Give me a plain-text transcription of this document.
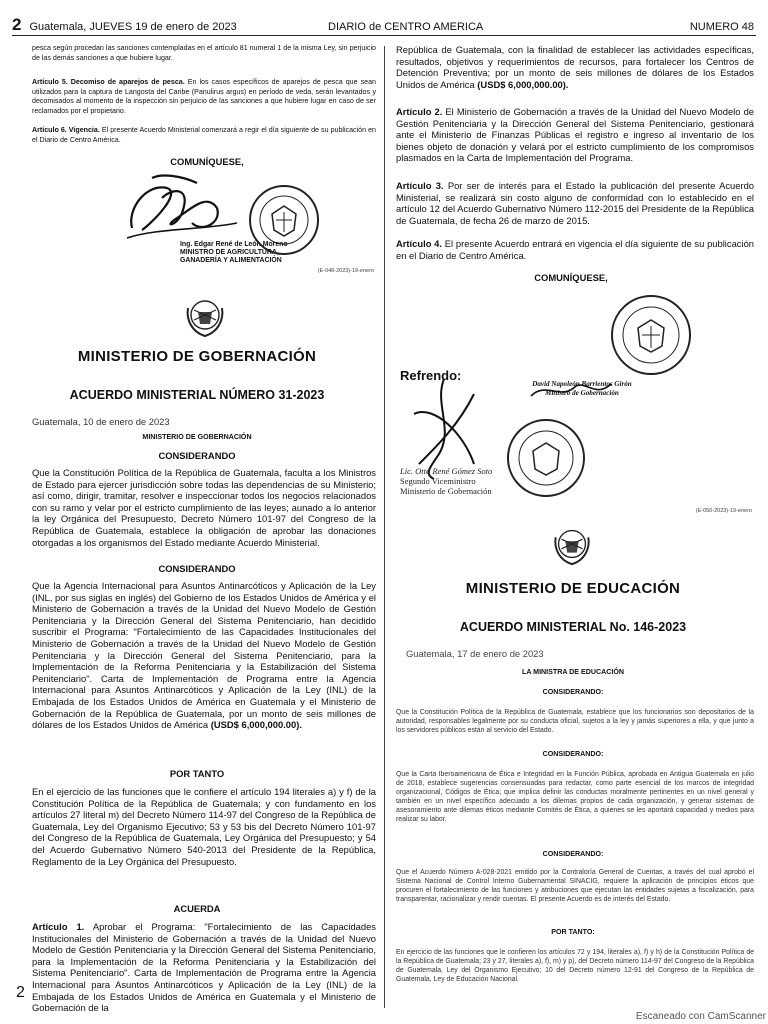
2 Guatemala, JUEVES 19 de enero de 2023	DIARIO de CENTRO AMERICA	NUMERO 48
pesca según procedan las sanciones contempladas en el artículo 81 numeral 1 de la misma Ley, sin perjuicio de las demás sanciones a que hubiere lugar.
Artículo 5. Decomiso de aparejos de pesca. En los casos específicos de aparejos de pesca que sean utilizados para la captura de Langosta del Caribe (Panulirus argus) en período de veda, serán levantados y decomisados al momento de la inspección sin perjuicio de las sanciones a que hubiere lugar en caso de ser reclamados por el propietario.
Artículo 6. Vigencia. El presente Acuerdo Ministerial comenzará a regir el día siguiente de su publicación en el Diario de Centro América.
COMUNÍQUESE,
Ing. Edgar René de León Moreno
MINISTRO DE AGRICULTURA,
GANADERÍA Y ALIMENTACIÓN
(E-048-2023)-19-enero
MINISTERIO DE GOBERNACIÓN
ACUERDO MINISTERIAL NÚMERO 31-2023
Guatemala, 10 de enero de 2023
MINISTERIO DE GOBERNACIÓN
CONSIDERANDO
Que la Constitución Política de la República de Guatemala, faculta a los Ministros de Estado para ejercer jurisdicción sobre todas las dependencias de su Ministerio; así como, dirigir, tramitar, resolver e inspeccionar todos los negocios relacionados con su ramo y velar por el estricto cumplimiento de las leyes; aunado a lo anterior la ley Orgánica del Presupuesto, Decreto Número 101-97 del Congreso de la República de Guatemala, establece la obligación de aprobar las donaciones otorgadas a los organismos del Estado mediante Acuerdo Ministerial.
CONSIDERANDO
Que la Agencia Internacional para Asuntos Antinarcóticos y Aplicación de la Ley (INL, por sus siglas en inglés) del Gobierno de los Estados Unidos de América y el Ministerio de Gobernación a través de la Unidad del Nuevo Modelo de Gestión Penitenciaria y la Dirección General del Sistema Penitenciario, han decidido suscribir el Programa: "Fortalecimiento de las Capacidades Institucionales del Ministerio de Gobernación a través de la Unidad del Nuevo Modelo de Gestión Penitenciaria y la Dirección General del Sistema Penitenciario, para la Implementación de la Reforma Penitenciaria y la Estabilización del Sistema Penitenciario". Carta de Implementación de Programa entre la Agencia Internacional para Asuntos Antinarcóticos y Aplicación de la Ley (INL) de la Embajada de los Estados Unidos de América en Guatemala y el Ministerio de Gobernación de la República de Guatemala, por un monto de seis millones de dólares de los Estados Unidos de América (USD$ 6,000,000.00).
POR TANTO
En el ejercicio de las funciones que le confiere el artículo 194 literales a) y f) de la Constitución Política de la República de Guatemala; y con fundamento en los artículos 27 literal m) del Decreto Número 114-97 del Congreso de la República de Guatemala, Ley del Organismo Ejecutivo; 53 y 53 bis del Decreto Número 101-97 del Congreso de la República de Guatemala, Ley Orgánica del Presupuesto; y 54 del Acuerdo Gubernativo Número 540-2013 del Presidente de la República, Reglamento de la Ley Orgánica del Presupuesto.
ACUERDA
Artículo 1. Aprobar el Programa: "Fortalecimiento de las Capacidades Institucionales del Ministerio de Gobernación a través de la Unidad del Nuevo Modelo de Gestión Penitenciaria y la Dirección General del Sistema Penitenciario, para la Implementación de la Reforma Penitenciaria y la Estabilización del Sistema Penitenciario". Carta de Implementación de Programa entre la Agencia Internacional para Asuntos Antinarcóticos y Aplicación de la Ley (INL) de la Embajada de los Estados Unidos de América en Guatemala y el Ministerio de Gobernación de la
República de Guatemala, con la finalidad de establecer las actividades específicas, resultados, objetivos y requerimientos de recursos, para fortalecer los Centros de Detención Preventiva; por un monto de seis millones de dólares de los Estados Unidos de América (USD$ 6,000,000.00).
Artículo 2. El Ministerio de Gobernación a través de la Unidad del Nuevo Modelo de Gestión Penitenciaria y la Dirección General del Sistema Penitenciario, gestionará ante el Ministerio de Finanzas Públicas el registro e ingreso al inventario de los bienes objeto de donación y velará por el estricto cumplimiento de los compromisos plasmados en la Carta de Implementación del Programa.
Artículo 3. Por ser de interés para el Estado la publicación del presente Acuerdo Ministerial, se realizará sin costo alguno de conformidad con lo establecido en el artículo 12 del Acuerdo Gubernativo Número 112-2015 del Presidente de la República de Guatemala, de fecha 26 de marzo de 2015.
Artículo 4. El presente Acuerdo entrará en vigencia el día siguiente de su publicación en el Diario de Centro América.
COMUNÍQUESE,
Refrendo:
David Napoleón Barrientos Girón
Ministro de Gobernación
Lic. Otto René Gómez Soto
Segundo Viceministro
Ministerio de Gobernación
(E-050-2023)-19-enero
MINISTERIO DE EDUCACIÓN
ACUERDO MINISTERIAL No. 146-2023
Guatemala, 17 de enero de 2023
LA MINISTRA DE EDUCACIÓN
CONSIDERANDO:
Que la Constitución Política de la República de Guatemala, establece que los funcionarios son depositarios de la autoridad, responsables legalmente por su conducta oficial, sujetos a la ley y jamás superiores a ella, y que junto a los servidores públicos están al servicio del Estado.
CONSIDERANDO:
Que la Carta Iberoamericana de Ética e Integridad en la Función Pública, aprobada en Antigua Guatemala en julio de 2018, establece sugerencias consensuadas para redactar, como parte esencial de los marcos de integridad organizacional, Códigos de Ética; que implica definir las conductas moralmente pertinentes en un nivel general y también en un nivel específico adecuado a los dilemas propios de cada organización, y generar sistemas de asesoramiento ante dilemas éticos mediante Comités de Ética, a quienes se les aportará capacidad y medios para realizar su labor.
CONSIDERANDO:
Que el Acuerdo Número A-028-2021 emitido por la Contraloría General de Cuentas, a través del cual aprobó el Sistema Nacional de Control Interno Gubernamental SINACIG, requiere la aplicación de principios éticos que procuren el fortalecimiento de las funciones y atribuciones que ejecutan las entidades sujetas a fiscalización, para transparentar, racionalizar y rendir cuentas. El presente Acuerdo es de interés del Estado.
POR TANTO:
En ejercicio de las funciones que le confieren los artículos 72 y 194, literales a), f) y h) de la Constitución Política de la República de Guatemala; 23 y 27, literales a), f), m) y p), del Decreto número 114-97 del Congreso de la República de Guatemala, Ley del Organismo Ejecutivo; 10 del Decreto número 12-91 del Congreso de la República de Guatemala, Ley de Educación Nacional.
2
Escaneado con CamScanner
